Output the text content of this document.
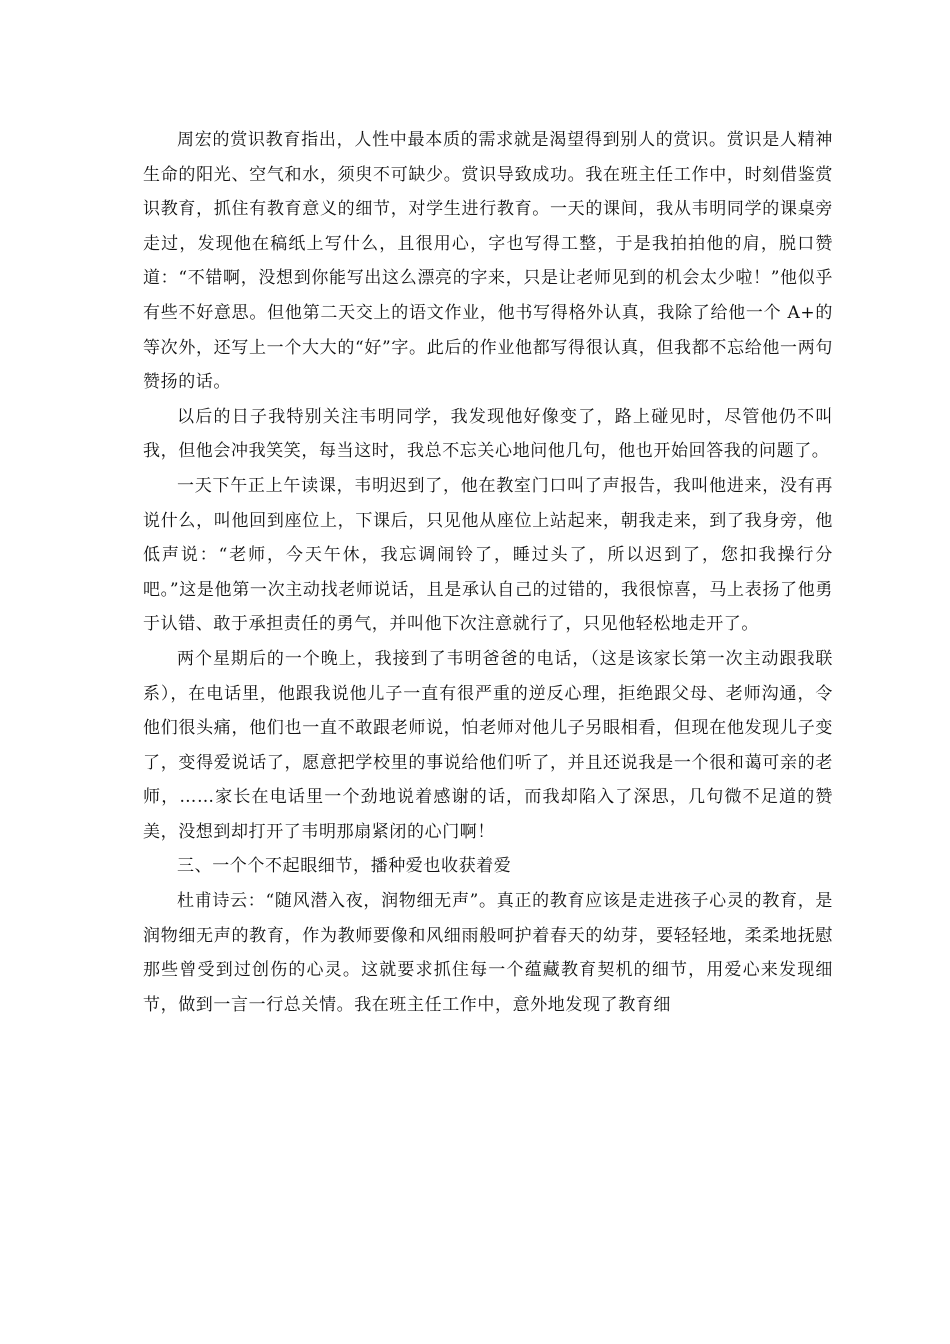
周宏的赏识教育指出，人性中最本质的需求就是渴望得到别人的赏识。赏识是人精神生命的阳光、空气和水，须臾不可缺少。赏识导致成功。我在班主任工作中，时刻借鉴赏识教育，抓住有教育意义的细节，对学生进行教育。一天的课间，我从韦明同学的课桌旁走过，发现他在稿纸上写什么，且很用心，字也写得工整，于是我拍拍他的肩，脱口赞道：“不错啊，没想到你能写出这么漂亮的字来，只是让老师见到的机会太少啦！”他似乎有些不好意思。但他第二天交上的语文作业，他书写得格外认真，我除了给他一个 A+的等次外，还写上一个大大的“好”字。此后的作业他都写得很认真，但我都不忘给他一两句赞扬的话。

以后的日子我特别关注韦明同学，我发现他好像变了，路上碰见时，尽管他仍不叫我，但他会冲我笑笑，每当这时，我总不忘关心地问他几句，他也开始回答我的问题了。

一天下午正上午读课，韦明迟到了，他在教室门口叫了声报告，我叫他进来，没有再说什么，叫他回到座位上，下课后，只见他从座位上站起来，朝我走来，到了我身旁，他低声说：“老师，今天午休，我忘调闹铃了，睡过头了，所以迟到了，您扣我操行分吧。”这是他第一次主动找老师说话，且是承认自己的过错的，我很惊喜，马上表扬了他勇于认错、敢于承担责任的勇气，并叫他下次注意就行了，只见他轻松地走开了。

两个星期后的一个晚上，我接到了韦明爸爸的电话，（这是该家长第一次主动跟我联系），在电话里，他跟我说他儿子一直有很严重的逆反心理，拒绝跟父母、老师沟通，令他们很头痛，他们也一直不敢跟老师说，怕老师对他儿子另眼相看，但现在他发现儿子变了，变得爱说话了，愿意把学校里的事说给他们听了，并且还说我是一个很和蔼可亲的老师，……家长在电话里一个劲地说着感谢的话，而我却陷入了深思，几句微不足道的赞美，没想到却打开了韦明那扇紧闭的心门啊！

三、一个个不起眼细节，播种爱也收获着爱

杜甫诗云：“随风潜入夜，润物细无声”。真正的教育应该是走进孩子心灵的教育，是润物细无声的教育，作为教师要像和风细雨般呵护着春天的幼芽，要轻轻地，柔柔地抚慰那些曾受到过创伤的心灵。这就要求抓住每一个蕴藏教育契机的细节，用爱心来发现细节，做到一言一行总关情。我在班主任工作中，意外地发现了教育细
